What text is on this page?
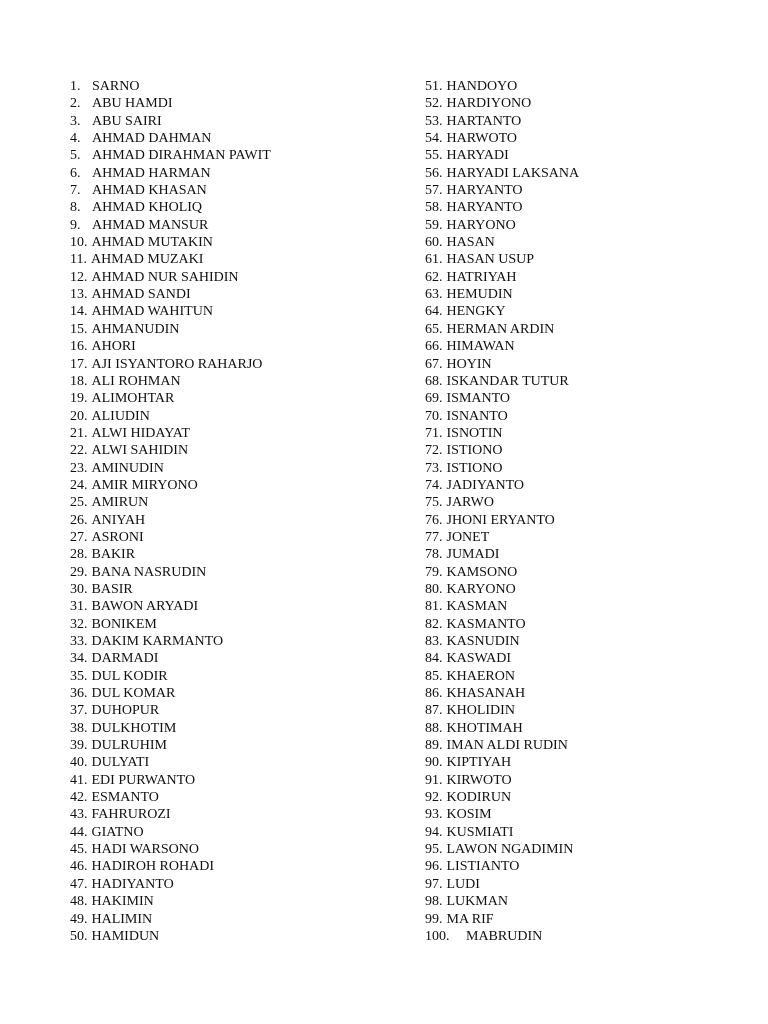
1. SARNO
2. ABU HAMDI
3. ABU SAIRI
4. AHMAD DAHMAN
5. AHMAD DIRAHMAN PAWIT
6. AHMAD HARMAN
7. AHMAD KHASAN
8. AHMAD KHOLIQ
9. AHMAD MANSUR
10. AHMAD MUTAKIN
11. AHMAD MUZAKI
12. AHMAD NUR SAHIDIN
13. AHMAD SANDI
14. AHMAD WAHITUN
15. AHMANUDIN
16. AHORI
17. AJI ISYANTORO RAHARJO
18. ALI ROHMAN
19. ALIMOHTAR
20. ALIUDIN
21. ALWI HIDAYAT
22. ALWI SAHIDIN
23. AMINUDIN
24. AMIR MIRYONO
25. AMIRUN
26. ANIYAH
27. ASRONI
28. BAKIR
29. BANA NASRUDIN
30. BASIR
31. BAWON ARYADI
32. BONIKEM
33. DAKIM KARMANTO
34. DARMADI
35. DUL KODIR
36. DUL KOMAR
37. DUHOPUR
38. DULKHOTIM
39. DULRUHIM
40. DULYATI
41. EDI PURWANTO
42. ESMANTO
43. FAHRUROZI
44. GIATNO
45. HADI WARSONO
46. HADIROH ROHADI
47. HADIYANTO
48. HAKIMIN
49. HALIMIN
50. HAMIDUN
51. HANDOYO
52. HARDIYONO
53. HARTANTO
54. HARWOTO
55. HARYADI
56. HARYADI LAKSANA
57. HARYANTO
58. HARYANTO
59. HARYONO
60. HASAN
61. HASAN USUP
62. HATRIYAH
63. HEMUDIN
64. HENGKY
65. HERMAN ARDIN
66. HIMAWAN
67. HOYIN
68. ISKANDAR TUTUR
69. ISMANTO
70. ISNANTO
71. ISNOTIN
72. ISTIONO
73. ISTIONO
74. JADIYANTO
75. JARWO
76. JHONI ERYANTO
77. JONET
78. JUMADI
79. KAMSONO
80. KARYONO
81. KASMAN
82. KASMANTO
83. KASNUDIN
84. KASWADI
85. KHAERON
86. KHASANAH
87. KHOLIDIN
88. KHOTIMAH
89. IMAN ALDI RUDIN
90. KIPTIYAH
91. KIRWOTO
92. KODIRUN
93. KOSIM
94. KUSMIATI
95. LAWON NGADIMIN
96. LISTIANTO
97. LUDI
98. LUKMAN
99. MA RIF
100. MABRUDIN
